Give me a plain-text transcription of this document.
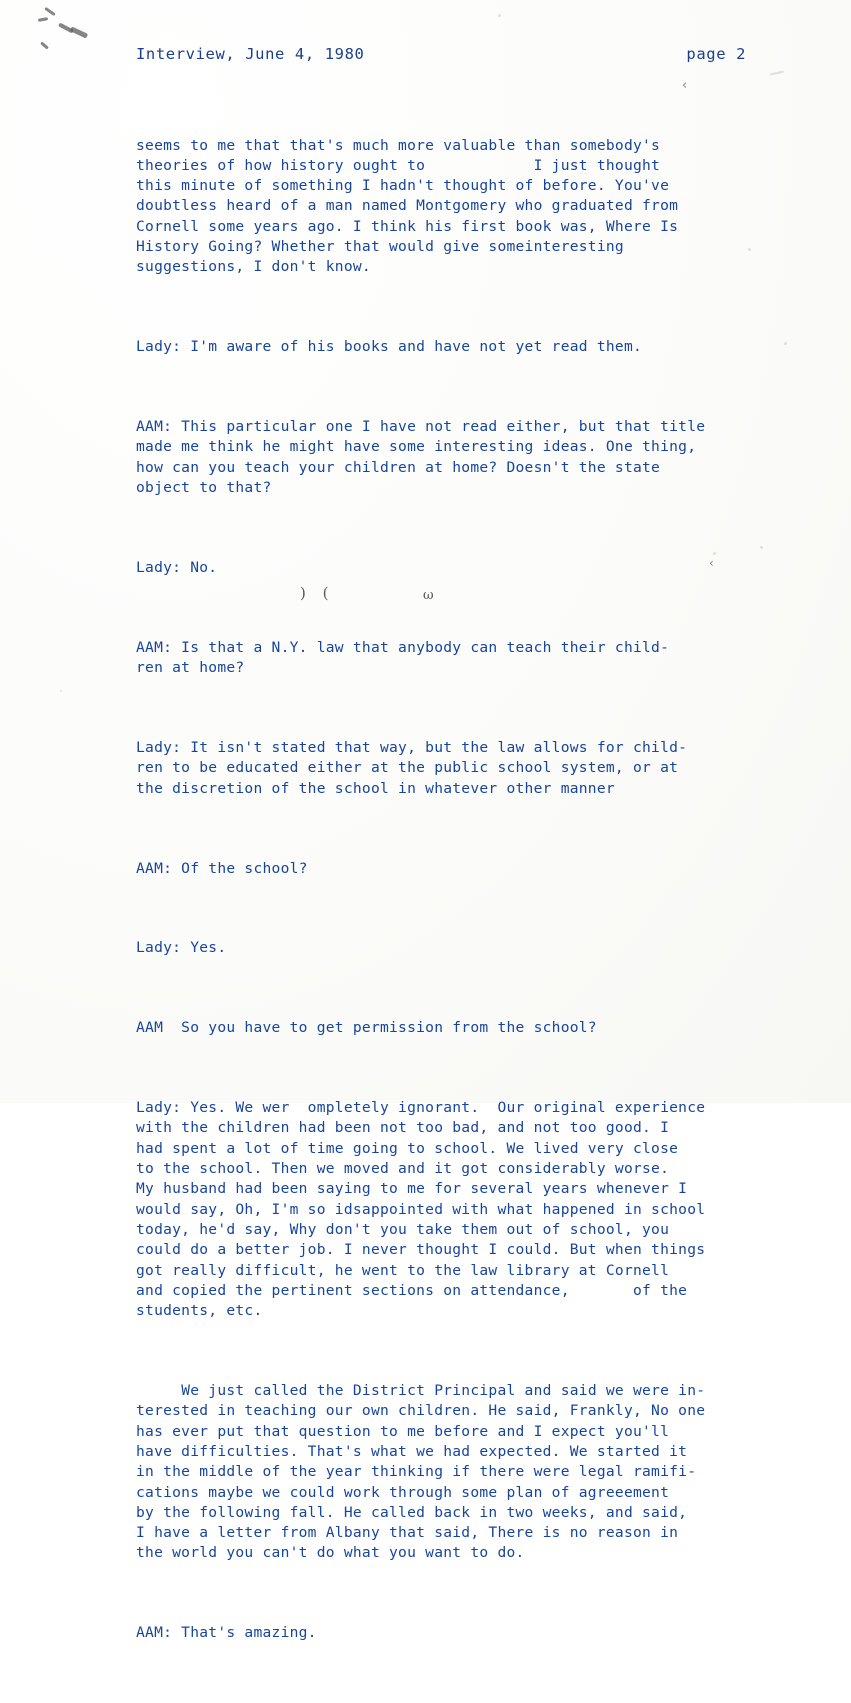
‹
‹
Interview, June 4, 1980	page 2

seems to me that that's much more valuable than somebody's
theories of how history ought to            I just thought
this minute of something I hadn't thought of before. You've
doubtless heard of a man named Montgomery who graduated from
Cornell some years ago. I think his first book was, Where Is
History Going? Whether that would give someinteresting
suggestions, I don't know.

Lady: I'm aware of his books and have not yet read them.

AAM: This particular one I have not read either, but that title
made me think he might have some interesting ideas. One thing,
how can you teach your children at home? Doesn't the state
object to that?

Lady: No.

AAM: Is that a N.Y. law that anybody can teach their child-
ren at home?

Lady: It isn't stated that way, but the law allows for child-
ren to be educated either at the public school system, or at
the discretion of the school in whatever other manner

AAM: Of the school?

Lady: Yes.

AAM  So you have to get permission from the school?

Lady: Yes. We wer  ompletely ignorant.  Our original experience
with the children had been not too bad, and not too good. I
had spent a lot of time going to school. We lived very close
to the school. Then we moved and it got considerably worse.
My husband had been saying to me for several years whenever I
would say, Oh, I'm so idsappointed with what happened in school
today, he'd say, Why don't you take them out of school, you
could do a better job. I never thought I could. But when things
got really difficult, he went to the law library at Cornell
and copied the pertinent sections on attendance,       of the
students, etc.

We just called the District Principal and said we were in-
terested in teaching our own children. He said, Frankly, No one
has ever put that question to me before and I expect you'll
have difficulties. That's what we had expected. We started it
in the middle of the year thinking if there were legal ramifi-
cations maybe we could work through some plan of agreeement
by the following fall. He called back in two weeks, and said,
I have a letter from Albany that said, There is no reason in
the world you can't do what you want to do.

AAM: That's amazing.

) (	ω
